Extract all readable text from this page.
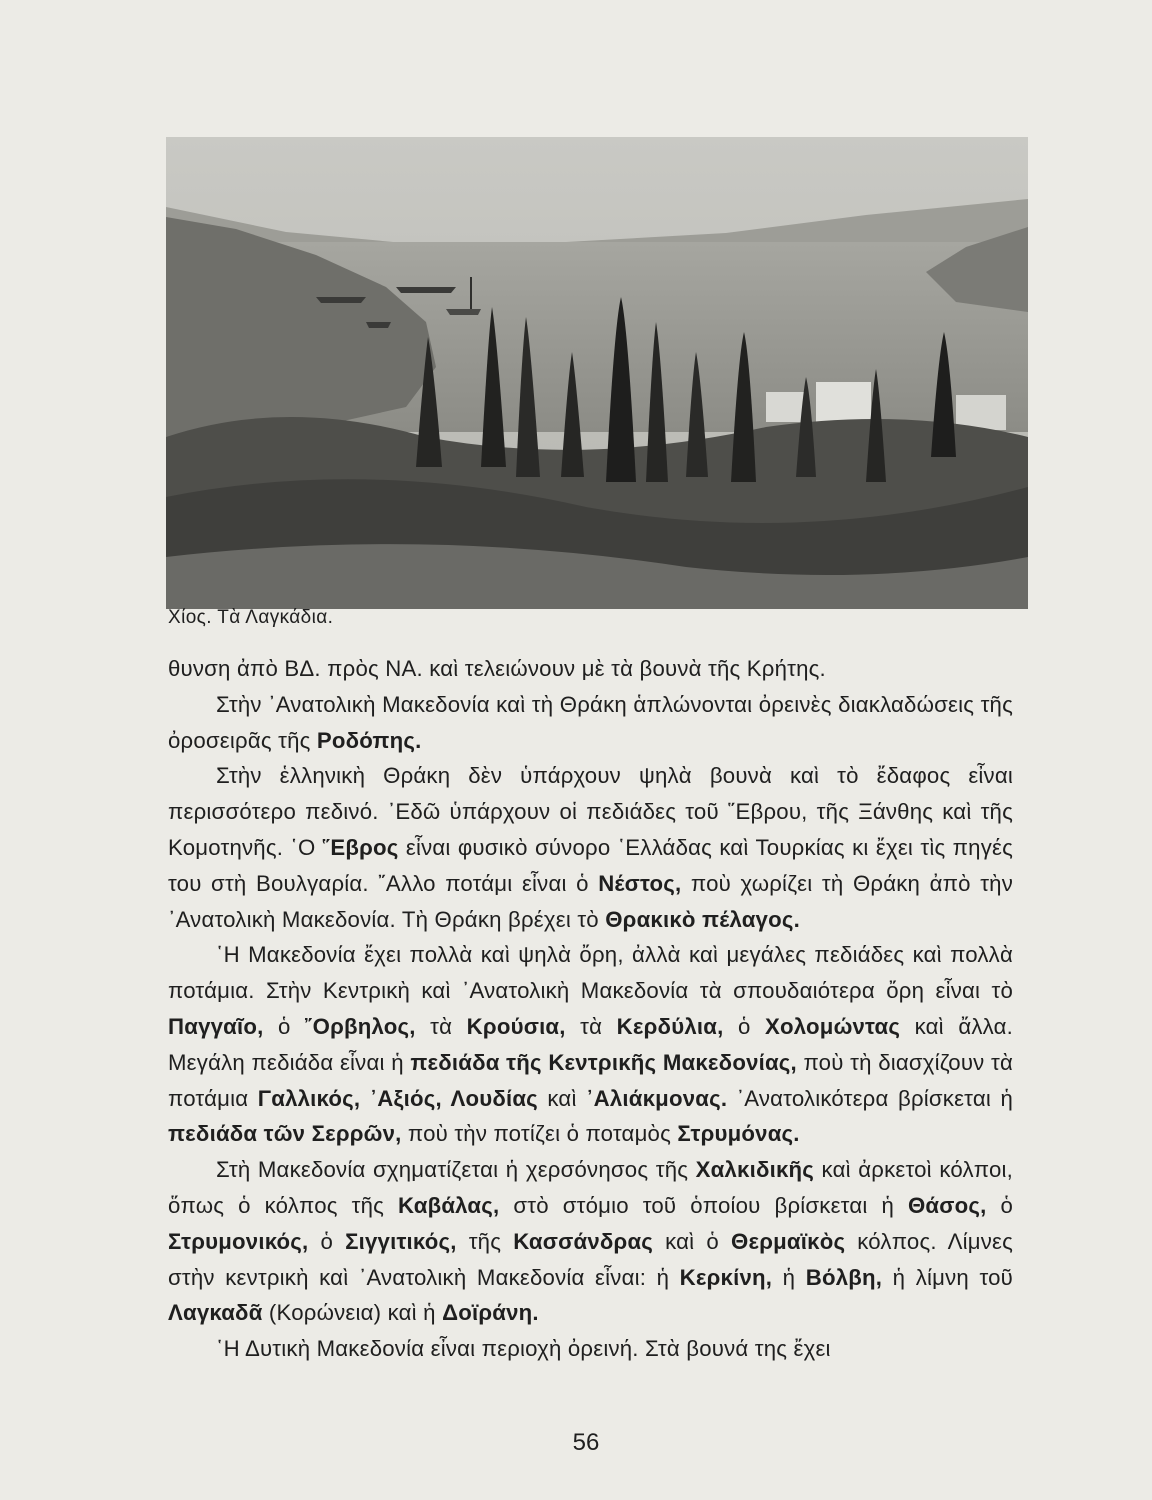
Χίος. Τὰ Λαγκάδια.

θυνση ἀπὸ ΒΔ. πρὸς ΝΑ. καὶ τελειώνουν μὲ τὰ βουνὰ τῆς Κρήτης.

Στὴν ᾿Ανατολικὴ Μακεδονία καὶ τὴ Θράκη ἁπλώνονται ὀρεινὲς διακλαδώσεις τῆς ὀροσειρᾶς τῆς Ροδόπης.

Στὴν ἑλληνικὴ Θράκη δὲν ὑπάρχουν ψηλὰ βουνὰ καὶ τὸ ἔδαφος εἶναι περισσότερο πεδινό. ᾿Εδῶ ὑπάρχουν οἱ πεδιάδες τοῦ ῞Εβρου, τῆς Ξάνθης καὶ τῆς Κομοτηνῆς. ῾Ο ῞Εβρος εἶναι φυσικὸ σύνορο ῾Ελλάδας καὶ Τουρκίας κι ἔχει τὶς πηγές του στὴ Βουλγαρία. ῎Αλλο ποτάμι εἶναι ὁ Νέστος, ποὺ χωρίζει τὴ Θράκη ἀπὸ τὴν ᾿Ανατολικὴ Μακεδονία. Τὴ Θράκη βρέχει τὸ Θρακικὸ πέλαγος.

῾Η Μακεδονία ἔχει πολλὰ καὶ ψηλὰ ὄρη, ἀλλὰ καὶ μεγάλες πεδιάδες καὶ πολλὰ ποτάμια. Στὴν Κεντρικὴ καὶ ᾿Ανατολικὴ Μακεδονία τὰ σπουδαιότερα ὄρη εἶναι τὸ Παγγαῖο, ὁ ῎Ορβηλος, τὰ Κρούσια, τὰ Κερδύλια, ὁ Χολομώντας καὶ ἄλλα. Μεγάλη πεδιάδα εἶναι ἡ πεδιάδα τῆς Κεντρικῆς Μακεδονίας, ποὺ τὴ διασχίζουν τὰ ποτάμια Γαλλικός, ᾿Αξιός, Λουδίας καὶ ᾿Αλιάκμονας. ᾿Ανατολικότερα βρίσκεται ἡ πεδιάδα τῶν Σερρῶν, ποὺ τὴν ποτίζει ὁ ποταμὸς Στρυμόνας.

Στὴ Μακεδονία σχηματίζεται ἡ χερσόνησος τῆς Χαλκιδικῆς καὶ ἀρκετοὶ κόλποι, ὅπως ὁ κόλπος τῆς Καβάλας, στὸ στόμιο τοῦ ὁποίου βρίσκεται ἡ Θάσος, ὁ Στρυμονικός, ὁ Σιγγιτικός, τῆς Κασσάνδρας καὶ ὁ Θερμαϊκὸς κόλπος. Λίμνες στὴν κεντρικὴ καὶ ᾿Ανατολικὴ Μακεδονία εἶναι: ἡ Κερκίνη, ἡ Βόλβη, ἡ λίμνη τοῦ Λαγκαδᾶ (Κορώνεια) καὶ ἡ Δοϊράνη.

῾Η Δυτικὴ Μακεδονία εἶναι περιοχὴ ὀρεινή. Στὰ βουνά της ἔχει

56
